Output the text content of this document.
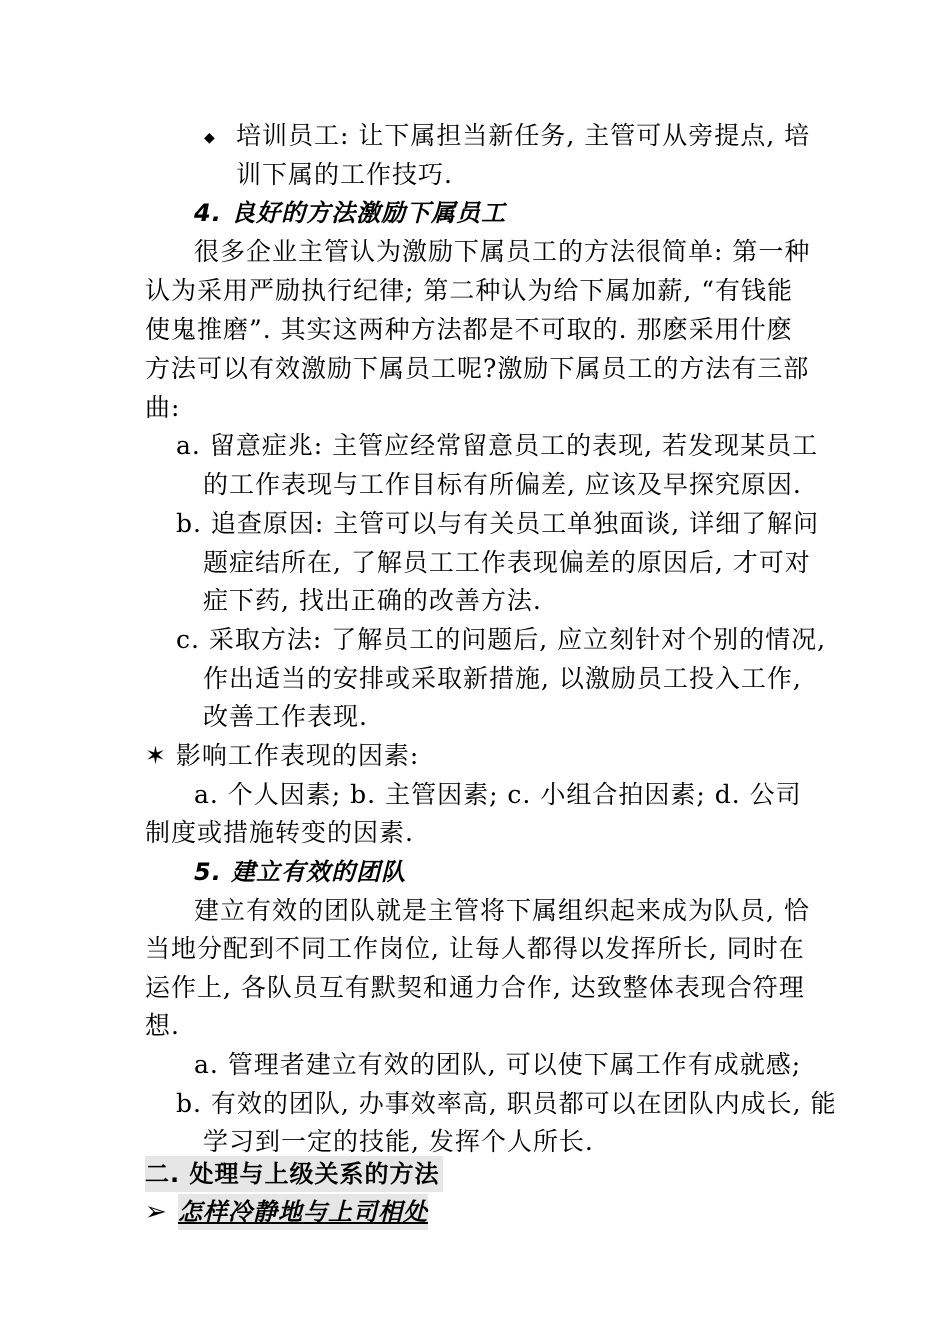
◆ 培训员工: 让下属担当新任务, 主管可从旁提点, 培
训下属的工作技巧.
4. 良好的方法激励下属员工
很多企业主管认为激励下属员工的方法很简单: 第一种
认为采用严励执行纪律; 第二种认为给下属加薪, “有钱能
使鬼推磨”. 其实这两种方法都是不可取的. 那麽采用什麽
方法可以有效激励下属员工呢?激励下属员工的方法有三部
曲:
a. 留意症兆: 主管应经常留意员工的表现, 若发现某员工
的工作表现与工作目标有所偏差, 应该及早探究原因.
b. 追查原因: 主管可以与有关员工单独面谈, 详细了解问
题症结所在, 了解员工工作表现偏差的原因后, 才可对
症下药, 找出正确的改善方法.
c. 采取方法: 了解员工的问题后, 应立刻针对个别的情况,
作出适当的安排或采取新措施, 以激励员工投入工作,
改善工作表现.
✶ 影响工作表现的因素:
a. 个人因素; b. 主管因素; c. 小组合拍因素; d. 公司
制度或措施转变的因素.
5. 建立有效的团队
建立有效的团队就是主管将下属组织起来成为队员, 恰
当地分配到不同工作岗位, 让每人都得以发挥所长, 同时在
运作上, 各队员互有默契和通力合作, 达致整体表现合符理
想.
a. 管理者建立有效的团队, 可以使下属工作有成就感;
b. 有效的团队, 办事效率高, 职员都可以在团队内成长, 能
学习到一定的技能, 发挥个人所长.
二. 处理与上级关系的方法
➢ 怎样冷静地与上司相处
